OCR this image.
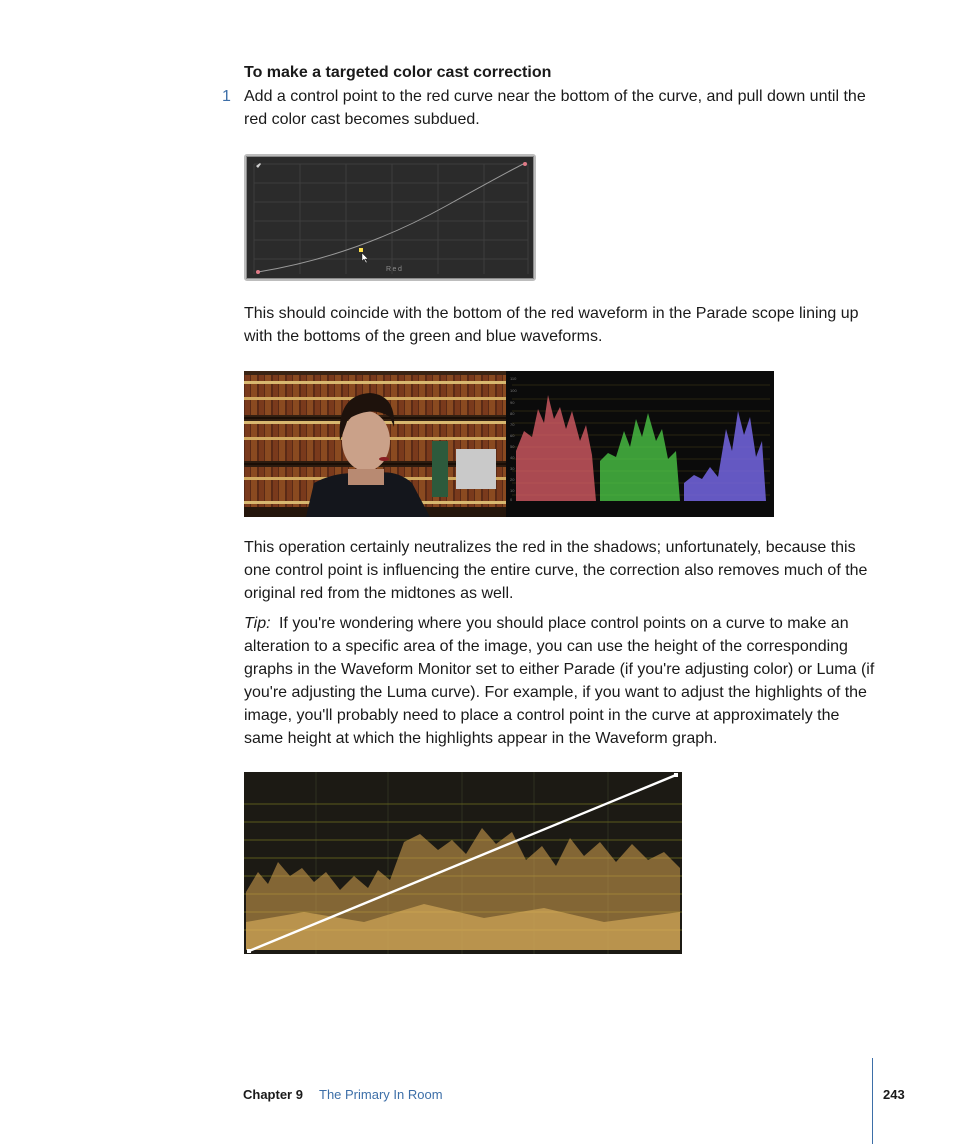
To make a targeted color cast correction
1 Add a control point to the red curve near the bottom of the curve, and pull down until the red color cast becomes subdued.
Red
This should coincide with the bottom of the red waveform in the Parade scope lining up with the bottoms of the green and blue waveforms.
110
100
90
80
70
60
50
40
30
20
10
0
This operation certainly neutralizes the red in the shadows; unfortunately, because this one control point is influencing the entire curve, the correction also removes much of the original red from the midtones as well.
Tip: If you're wondering where you should place control points on a curve to make an alteration to a specific area of the image, you can use the height of the corresponding graphs in the Waveform Monitor set to either Parade (if you're adjusting color) or Luma (if you're adjusting the Luma curve). For example, if you want to adjust the highlights of the image, you'll probably need to place a control point in the curve at approximately the same height at which the highlights appear in the Waveform graph.
Chapter 9 The Primary In Room	243
